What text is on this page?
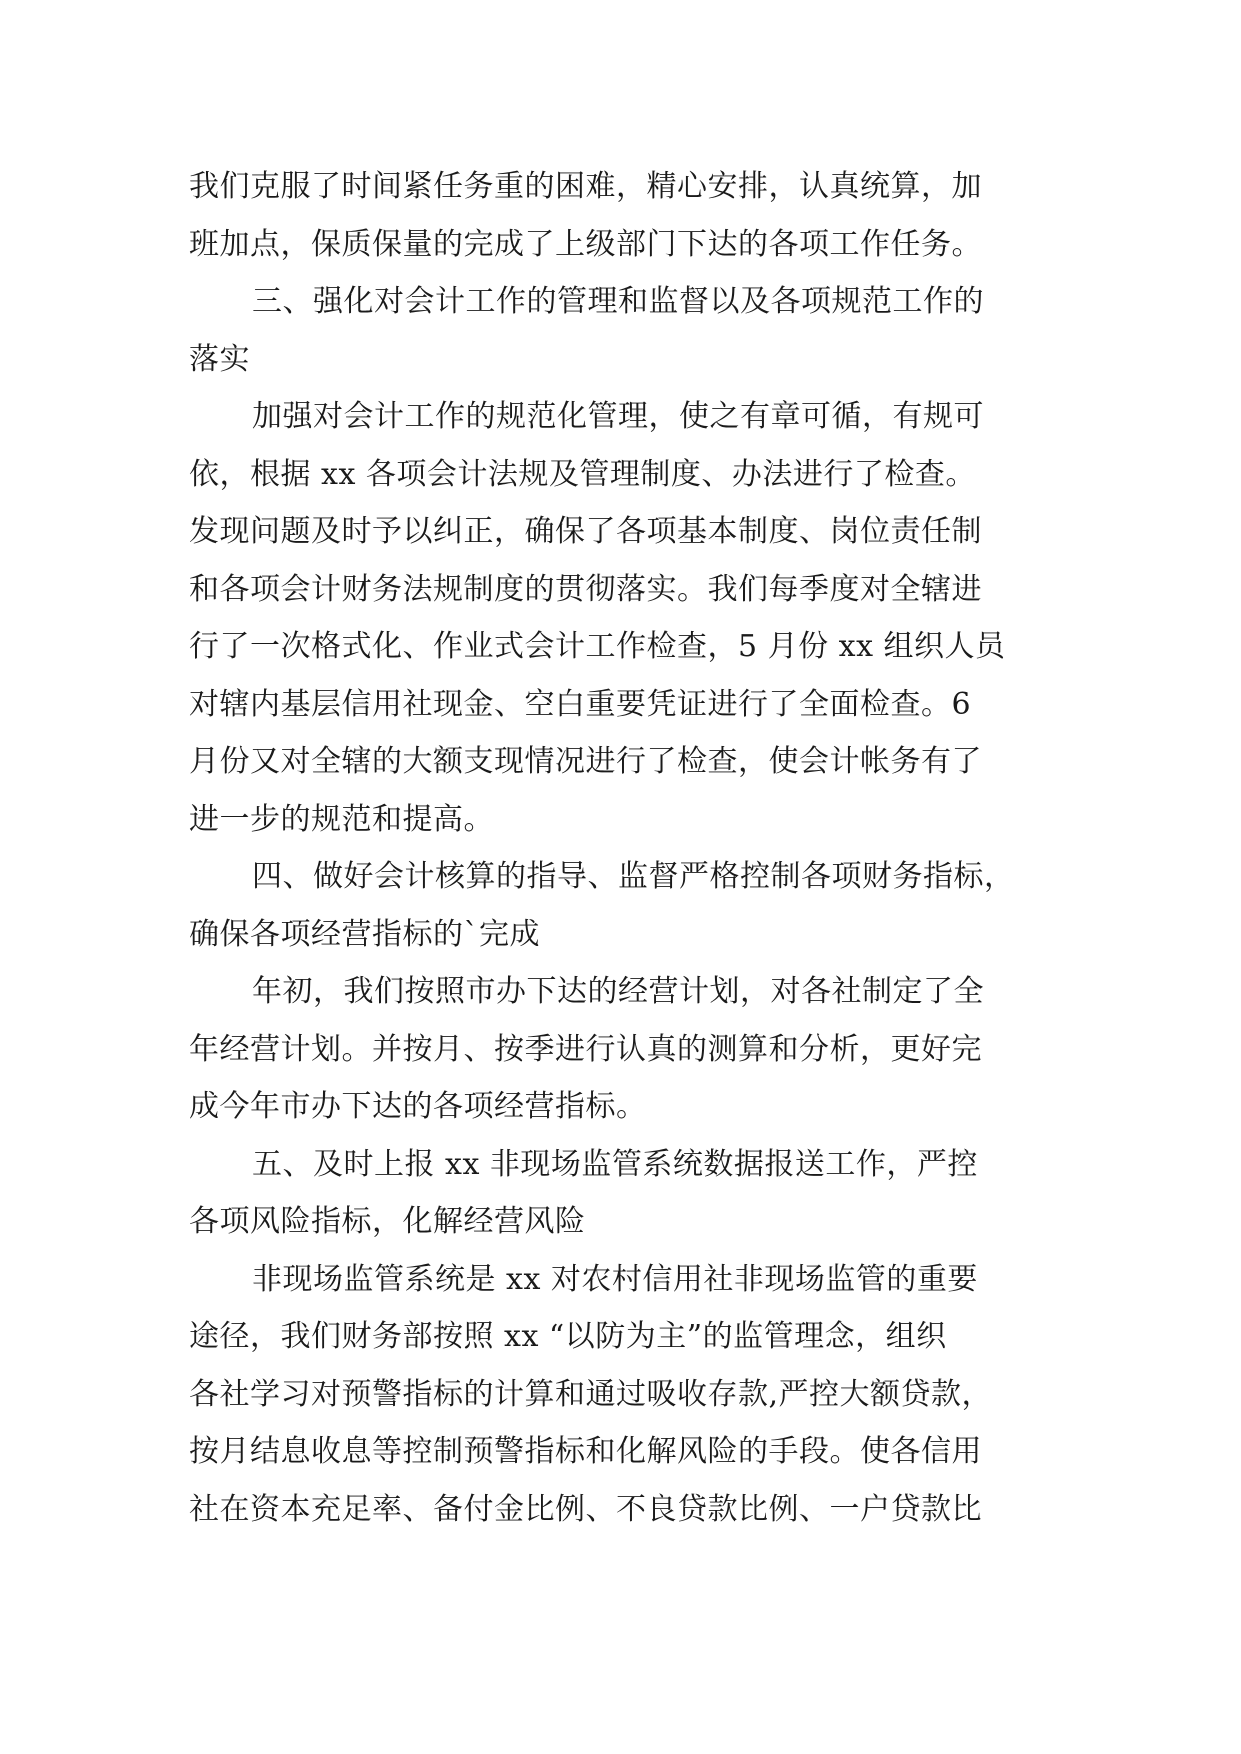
我们克服了时间紧任务重的困难，精心安排，认真统算，加
班加点，保质保量的完成了上级部门下达的各项工作任务。
三、强化对会计工作的管理和监督以及各项规范工作的
落实
加强对会计工作的规范化管理，使之有章可循，有规可
依，根据 xx 各项会计法规及管理制度、办法进行了检查。
发现问题及时予以纠正，确保了各项基本制度、岗位责任制
和各项会计财务法规制度的贯彻落实。我们每季度对全辖进
行了一次格式化、作业式会计工作检查，5 月份 xx 组织人员
对辖内基层信用社现金、空白重要凭证进行了全面检查。6
月份又对全辖的大额支现情况进行了检查，使会计帐务有了
进一步的规范和提高。
四、做好会计核算的指导、监督严格控制各项财务指标，
确保各项经营指标的`完成
年初，我们按照市办下达的经营计划，对各社制定了全
年经营计划。并按月、按季进行认真的测算和分析，更好完
成今年市办下达的各项经营指标。
五、及时上报 xx 非现场监管系统数据报送工作，严控
各项风险指标，化解经营风险
非现场监管系统是 xx 对农村信用社非现场监管的重要
途径，我们财务部按照 xx “以防为主”的监管理念，组织
各社学习对预警指标的计算和通过吸收存款,严控大额贷款，
按月结息收息等控制预警指标和化解风险的手段。使各信用
社在资本充足率、备付金比例、不良贷款比例、一户贷款比
